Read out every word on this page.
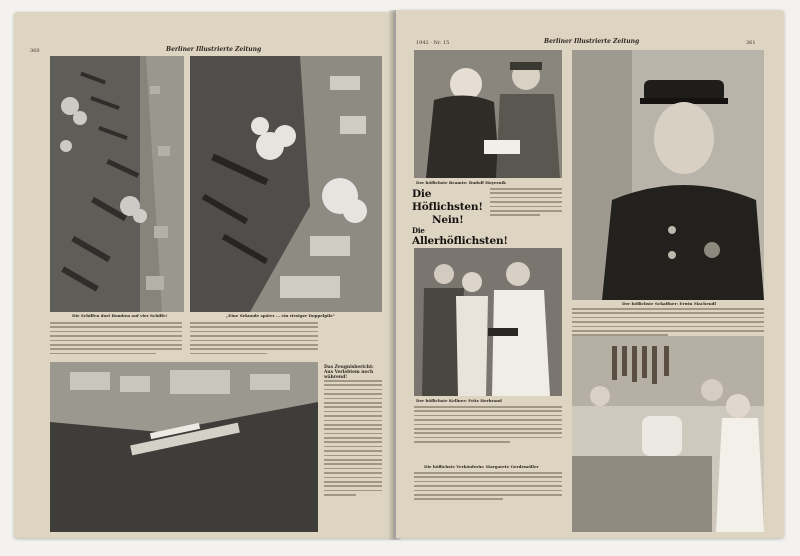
360	Berliner Illustrierte Zeitung
Die Schiffen dort Bomben auf vier Schiffe!	„Eine Sekunde später … ein riesiger Doppelpilz“
Das Zeugnisbericht: Aus Verlebtem noch während!
1942 · Nr. 15	Berliner Illustrierte Zeitung	361
Der höflichste Beamte: Rudolf Hoyernik
Die Höflichsten!
Nein!
Die
Allerhöflichsten!
Der höflichste Schaffner: Erwin Machendl
Der höflichste Kellner: Fritz Herbrand
Die höflichste Verkäuferin: Margarete Gerdemöller
